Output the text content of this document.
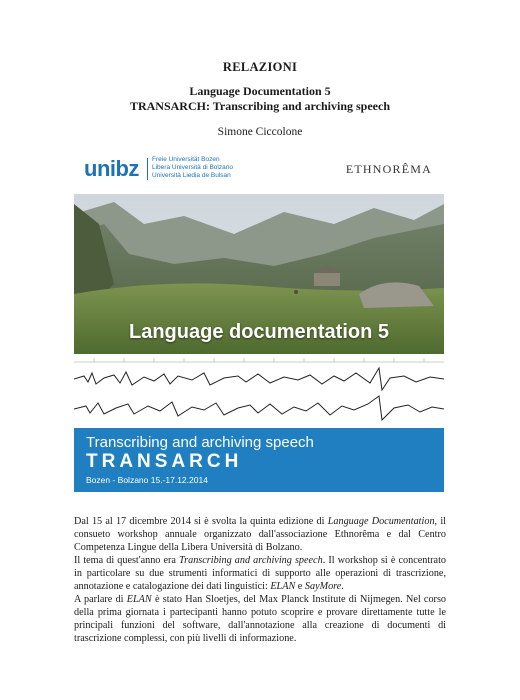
RELAZIONI
Language Documentation 5
TRANSARCH: Transcribing and archiving speech
Simone Ciccolone
unibz Freie Universität Bozen
Libera Università di Bolzano
Università Liedia de Bulsan	ETHNORÊMA
Language documentation 5
Transcribing and archiving speech
TRANSARCH
Bozen - Bolzano 15.-17.12.2014

Dal 15 al 17 dicembre 2014 si è svolta la quinta edizione di Language Documentation, il consueto workshop annuale organizzato dall'associazione Ethnorêma e dal Centro Competenza Lingue della Libera Università di Bolzano.

Il tema di quest'anno era Transcribing and archiving speech. Il workshop si è concentrato in particolare su due strumenti informatici di supporto alle operazioni di trascrizione, annotazione e catalogazione dei dati linguistici: ELAN e SayMore.

A parlare di ELAN è stato Han Sloetjes, del Max Planck Institute di Nijmegen. Nel corso della prima giornata i partecipanti hanno potuto scoprire e provare direttamente tutte le principali funzioni del software, dall'annotazione alla creazione di documenti di trascrizione complessi, con più livelli di informazione.
